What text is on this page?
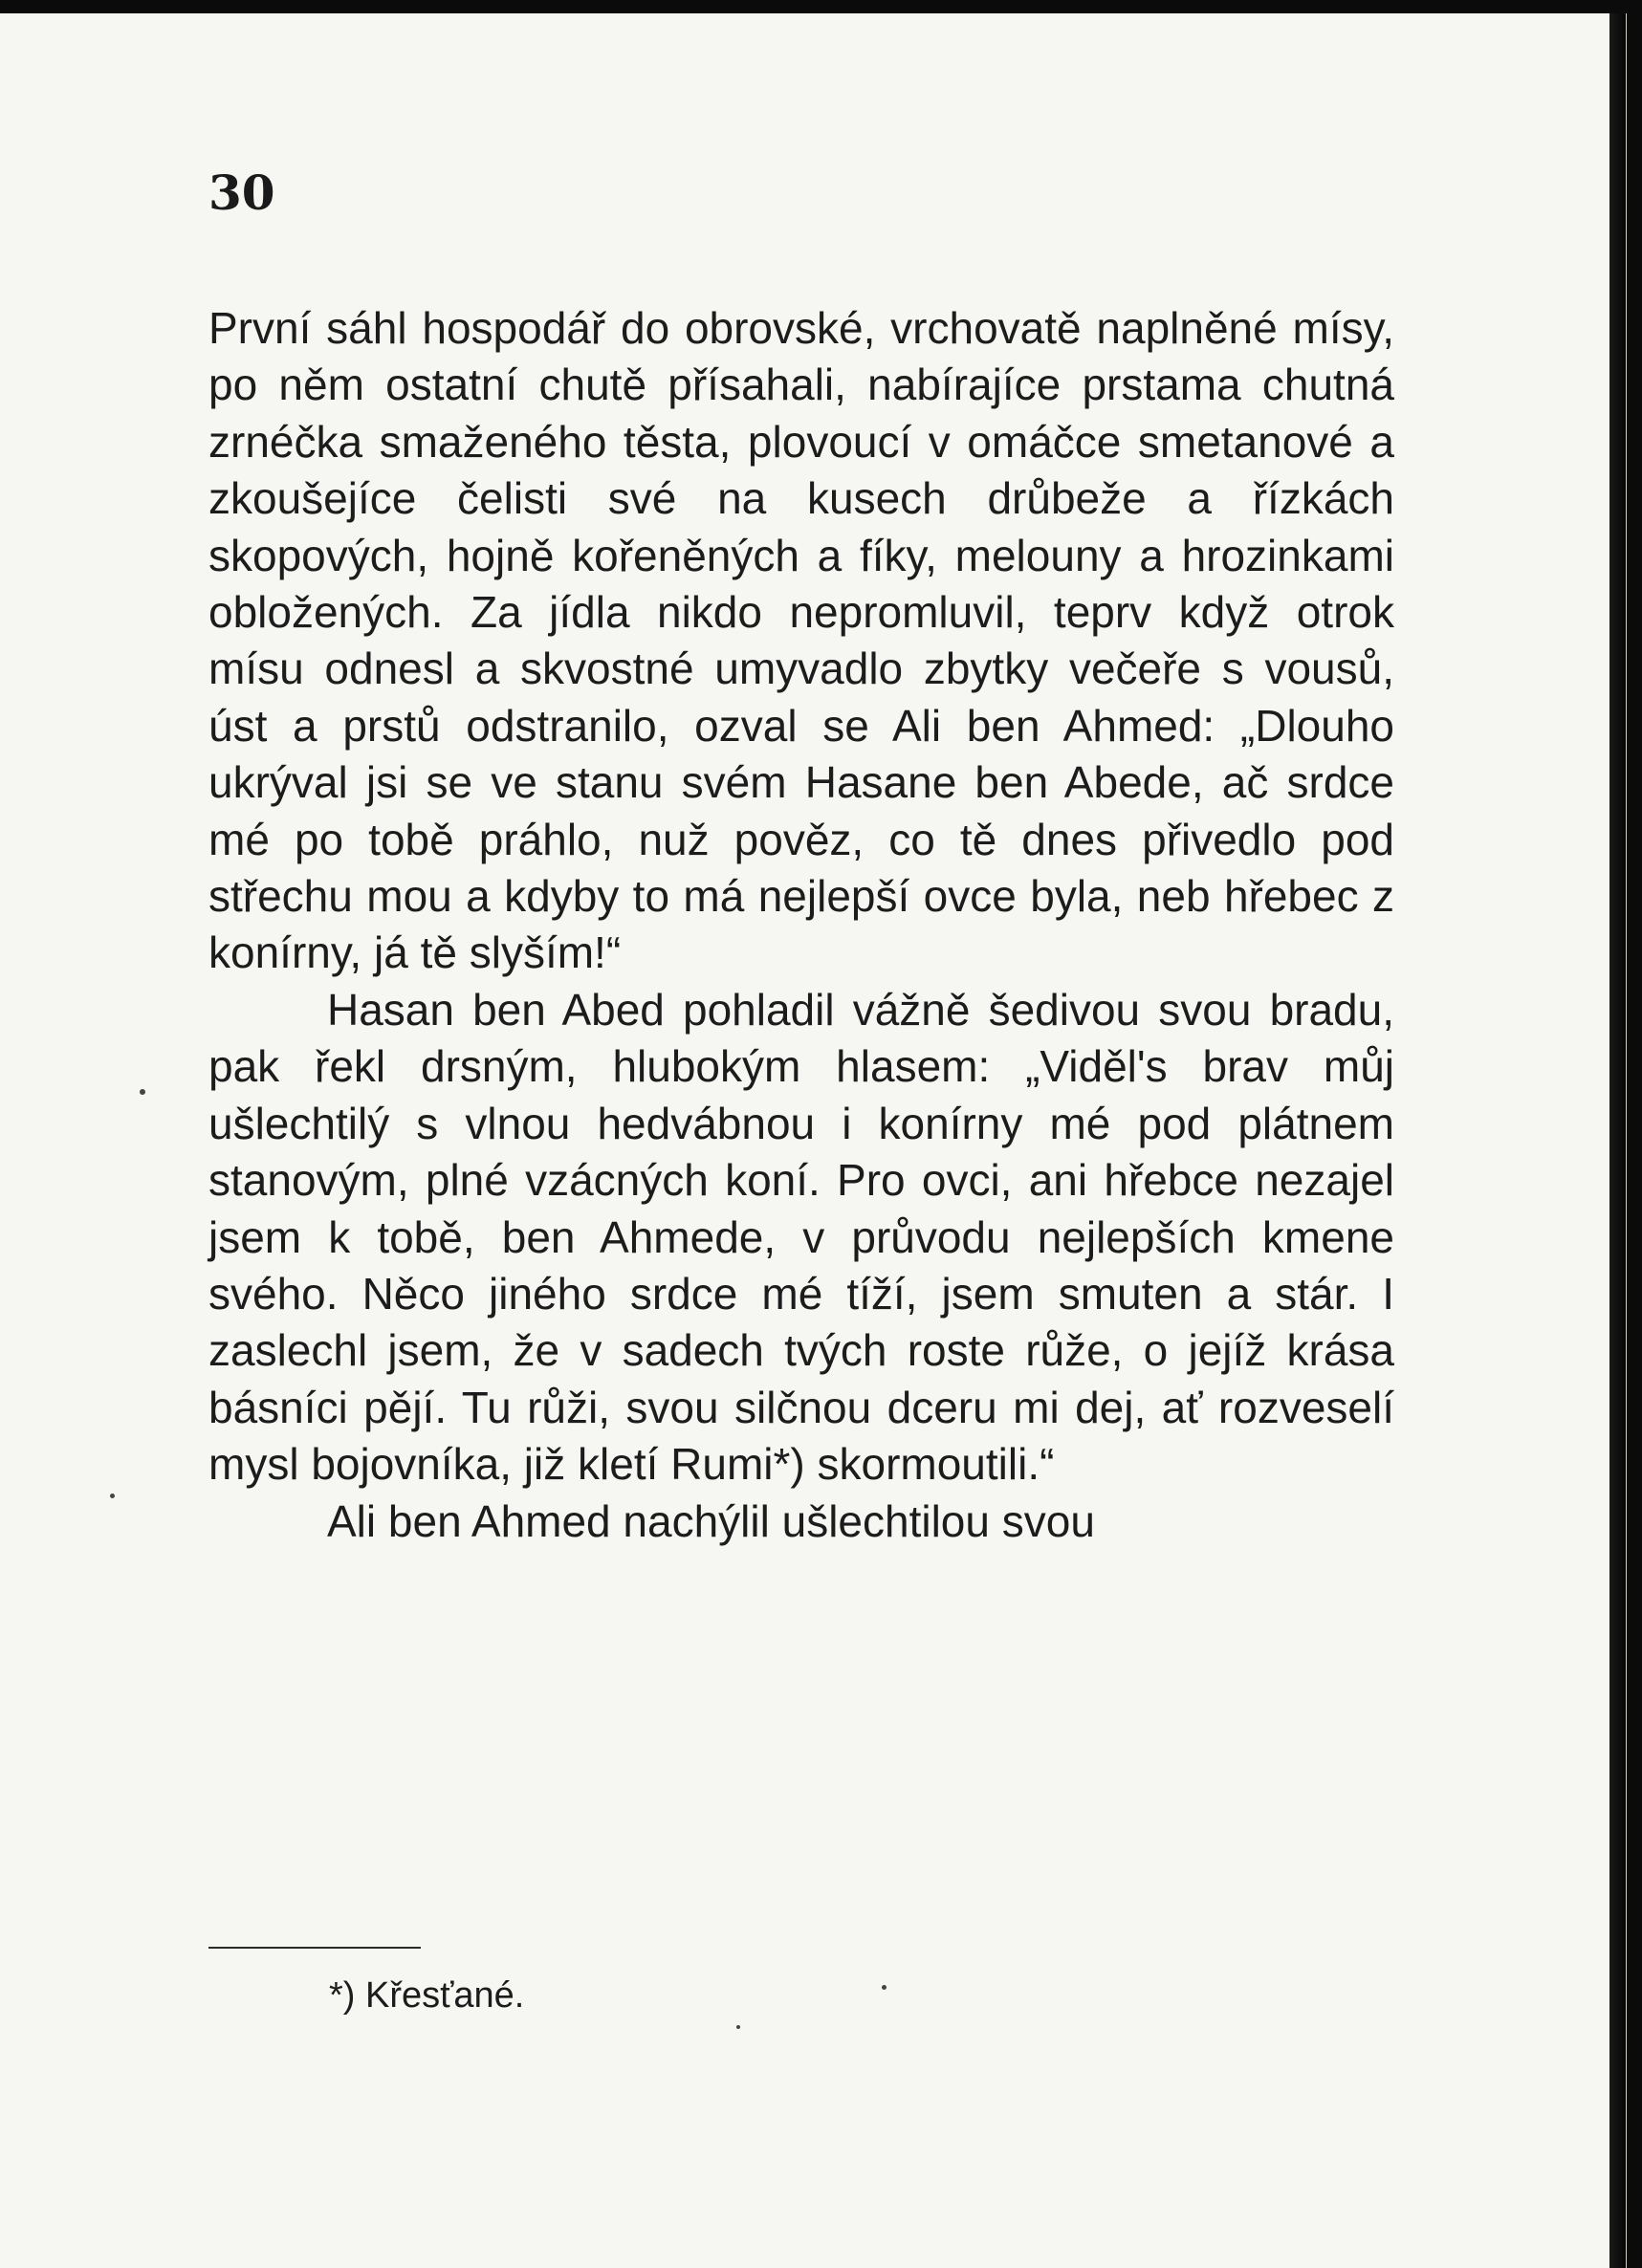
30

První sáhl hospodář do obrovské, vrchovatě naplněné mísy, po něm ostatní chutě přísahali, nabírajíce prstama chutná zrnéčka smaženého těsta, plovoucí v omáčce smetanové a zkoušejíce čelisti své na kusech drůbeže a řízkách skopových, hojně kořeněných a fíky, melouny a hrozinkami obložených. Za jídla nikdo nepromluvil, teprv když otrok mísu odnesl a skvostné umyvadlo zbytky večeře s vousů, úst a prstů odstranilo, ozval se Ali ben Ahmed: „Dlouho ukrýval jsi se ve stanu svém Hasane ben Abede, ač srdce mé po tobě práhlo, nuž pověz, co tě dnes přivedlo pod střechu mou a kdyby to má nejlepší ovce byla, neb hřebec z konírny, já tě slyším!“

Hasan ben Abed pohladil vážně šedivou svou bradu, pak řekl drsným, hlubokým hlasem: „Viděl's brav můj ušlechtilý s vlnou hedvábnou i konírny mé pod plátnem stanovým, plné vzácných koní. Pro ovci, ani hřebce nezajel jsem k tobě, ben Ahmede, v průvodu nejlepších kmene svého. Něco jiného srdce mé tíží, jsem smuten a stár. I zaslechl jsem, že v sadech tvých roste růže, o jejíž krása básníci pějí. Tu růži, svou silčnou dceru mi dej, ať rozveselí mysl bojovníka, již kletí Rumi*) skormoutili.“

Ali ben Ahmed nachýlil ušlechtilou svou

*) Křesťané.
